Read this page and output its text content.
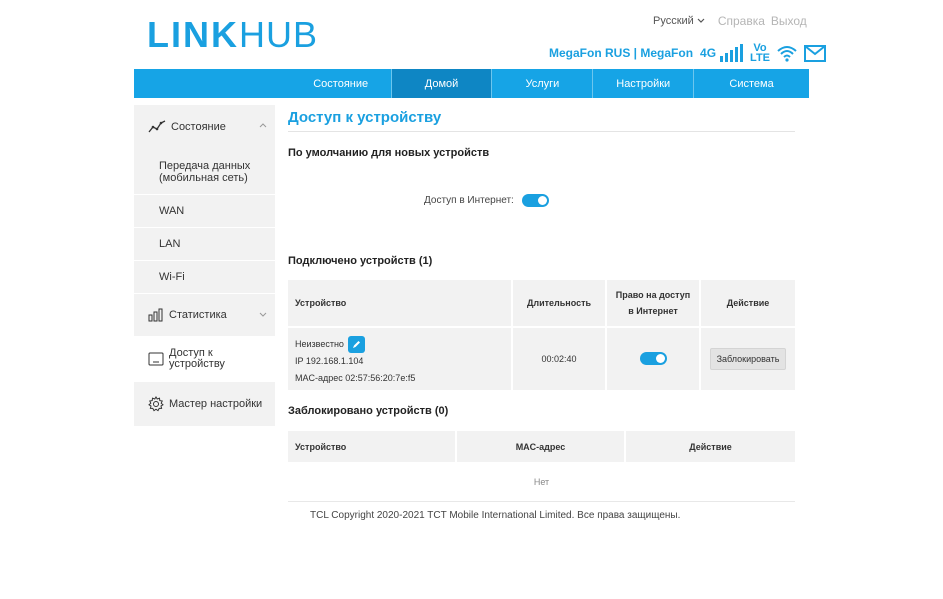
LINKHUB	Русский Справка Выход
MegaFon RUS | MegaFon 4G	Vo
LTE
Состояние	Домой	Услуги	Настройки	Система
Состояние
Передача данных (мобильная сеть)
WAN
LAN
Wi-Fi
Статистика
Доступ к устройству
Мастер настройки
Доступ к устройству
По умолчанию для новых устройств
Доступ в Интернет:
Подключено устройств (1)
Устройство	Длительность	Право на доступ в Интернет	Действие

Неизвестно
IP 192.168.1.104
MAC-адрес 02:57:56:20:7e:f5	00:02:40		Заблокировать
Заблокировано устройств (0)
Устройство	MAC-адрес	Действие
Нет
TCL Copyright 2020-2021 TCT Mobile International Limited. Все права защищены.
